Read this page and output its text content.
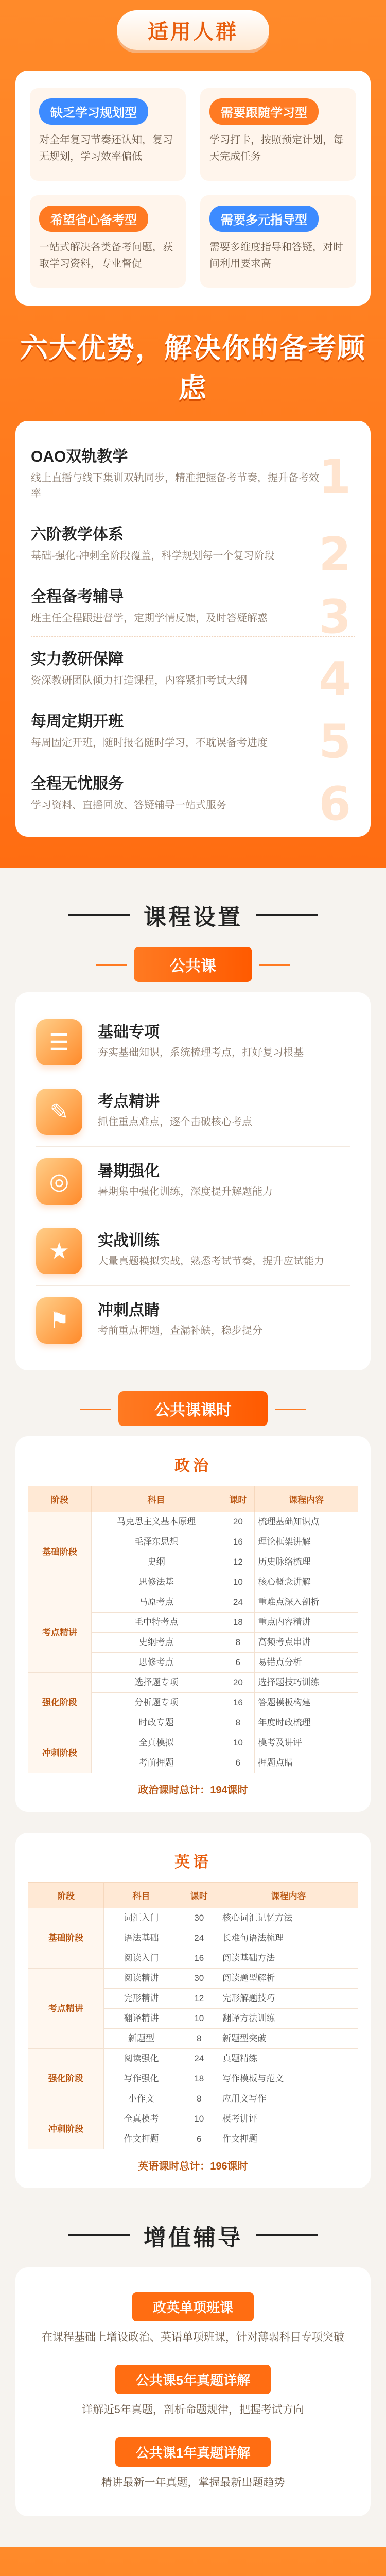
适用人群
缺乏学习规划型
对全年复习节奏还认知，复习无规划，学习效率偏低
需要跟随学习型
学习打卡，按照预定计划，每天完成任务
希望省心备考型
一站式解决各类备考问题，获取学习资料，专业督促
需要多元指导型
需要多维度指导和答疑，对时间利用要求高
六大优势，解决你的备考顾虑
OAO双轨教学
线上直播与线下集训双轨同步，精准把握备考节奏，提升备考效率	1
六阶教学体系
基础-强化-冲刺全阶段覆盖，科学规划每一个复习阶段 2
全程备考辅导
班主任全程跟进督学，定期学情反馈，及时答疑解惑	3
实力教研保障
资深教研团队倾力打造课程，内容紧扣考试大纲	4
每周定期开班
每周固定开班，随时报名随时学习，不耽误备考进度	5
全程无忧服务
学习资料、直播回放、答疑辅导一站式服务	6
课程设置
公共课
☰	基础专项
夯实基础知识，系统梳理考点，打好复习根基
✎	考点精讲
抓住重点难点，逐个击破核心考点
◎	暑期强化
暑期集中强化训练，深度提升解题能力
★	实战训练
大量真题模拟实战，熟悉考试节奏，提升应试能力
⚑	冲刺点睛
考前重点押题，查漏补缺，稳步提分
公共课课时
政治
阶段	科目	课时	课程内容
基础阶段	马克思主义基本原理	20	梳理基础知识点
	毛泽东思想	16	理论框架讲解
	史纲	12	历史脉络梳理
	思修法基	10	核心概念讲解
考点精讲	马原考点	24	重难点深入剖析
	毛中特考点	18	重点内容精讲
	史纲考点	8	高频考点串讲
	思修考点	6	易错点分析
强化阶段	选择题专项	20	选择题技巧训练
	分析题专项	16	答题模板构建
	时政专题	8	年度时政梳理
冲刺阶段	全真模拟	10	模考及讲评
	考前押题	6	押题点睛
政治课时总计：194课时
英语
阶段	科目	课时	课程内容
基础阶段	词汇入门	30	核心词汇记忆方法
	语法基础	24	长难句语法梳理
	阅读入门	16	阅读基础方法
考点精讲	阅读精讲	30	阅读题型解析
	完形精讲	12	完形解题技巧
	翻译精讲	10	翻译方法训练
	新题型	8	新题型突破
强化阶段	阅读强化	24	真题精练
	写作强化	18	写作模板与范文
	小作文	8	应用文写作
冲刺阶段	全真模考	10	模考讲评
	作文押题	6	作文押题
英语课时总计：196课时
增值辅导
政英单项班课
在课程基础上增设政治、英语单项班课，针对薄弱科目专项突破
公共课5年真题详解
详解近5年真题，剖析命题规律，把握考试方向
公共课1年真题详解
精讲最新一年真题，掌握最新出题趋势
